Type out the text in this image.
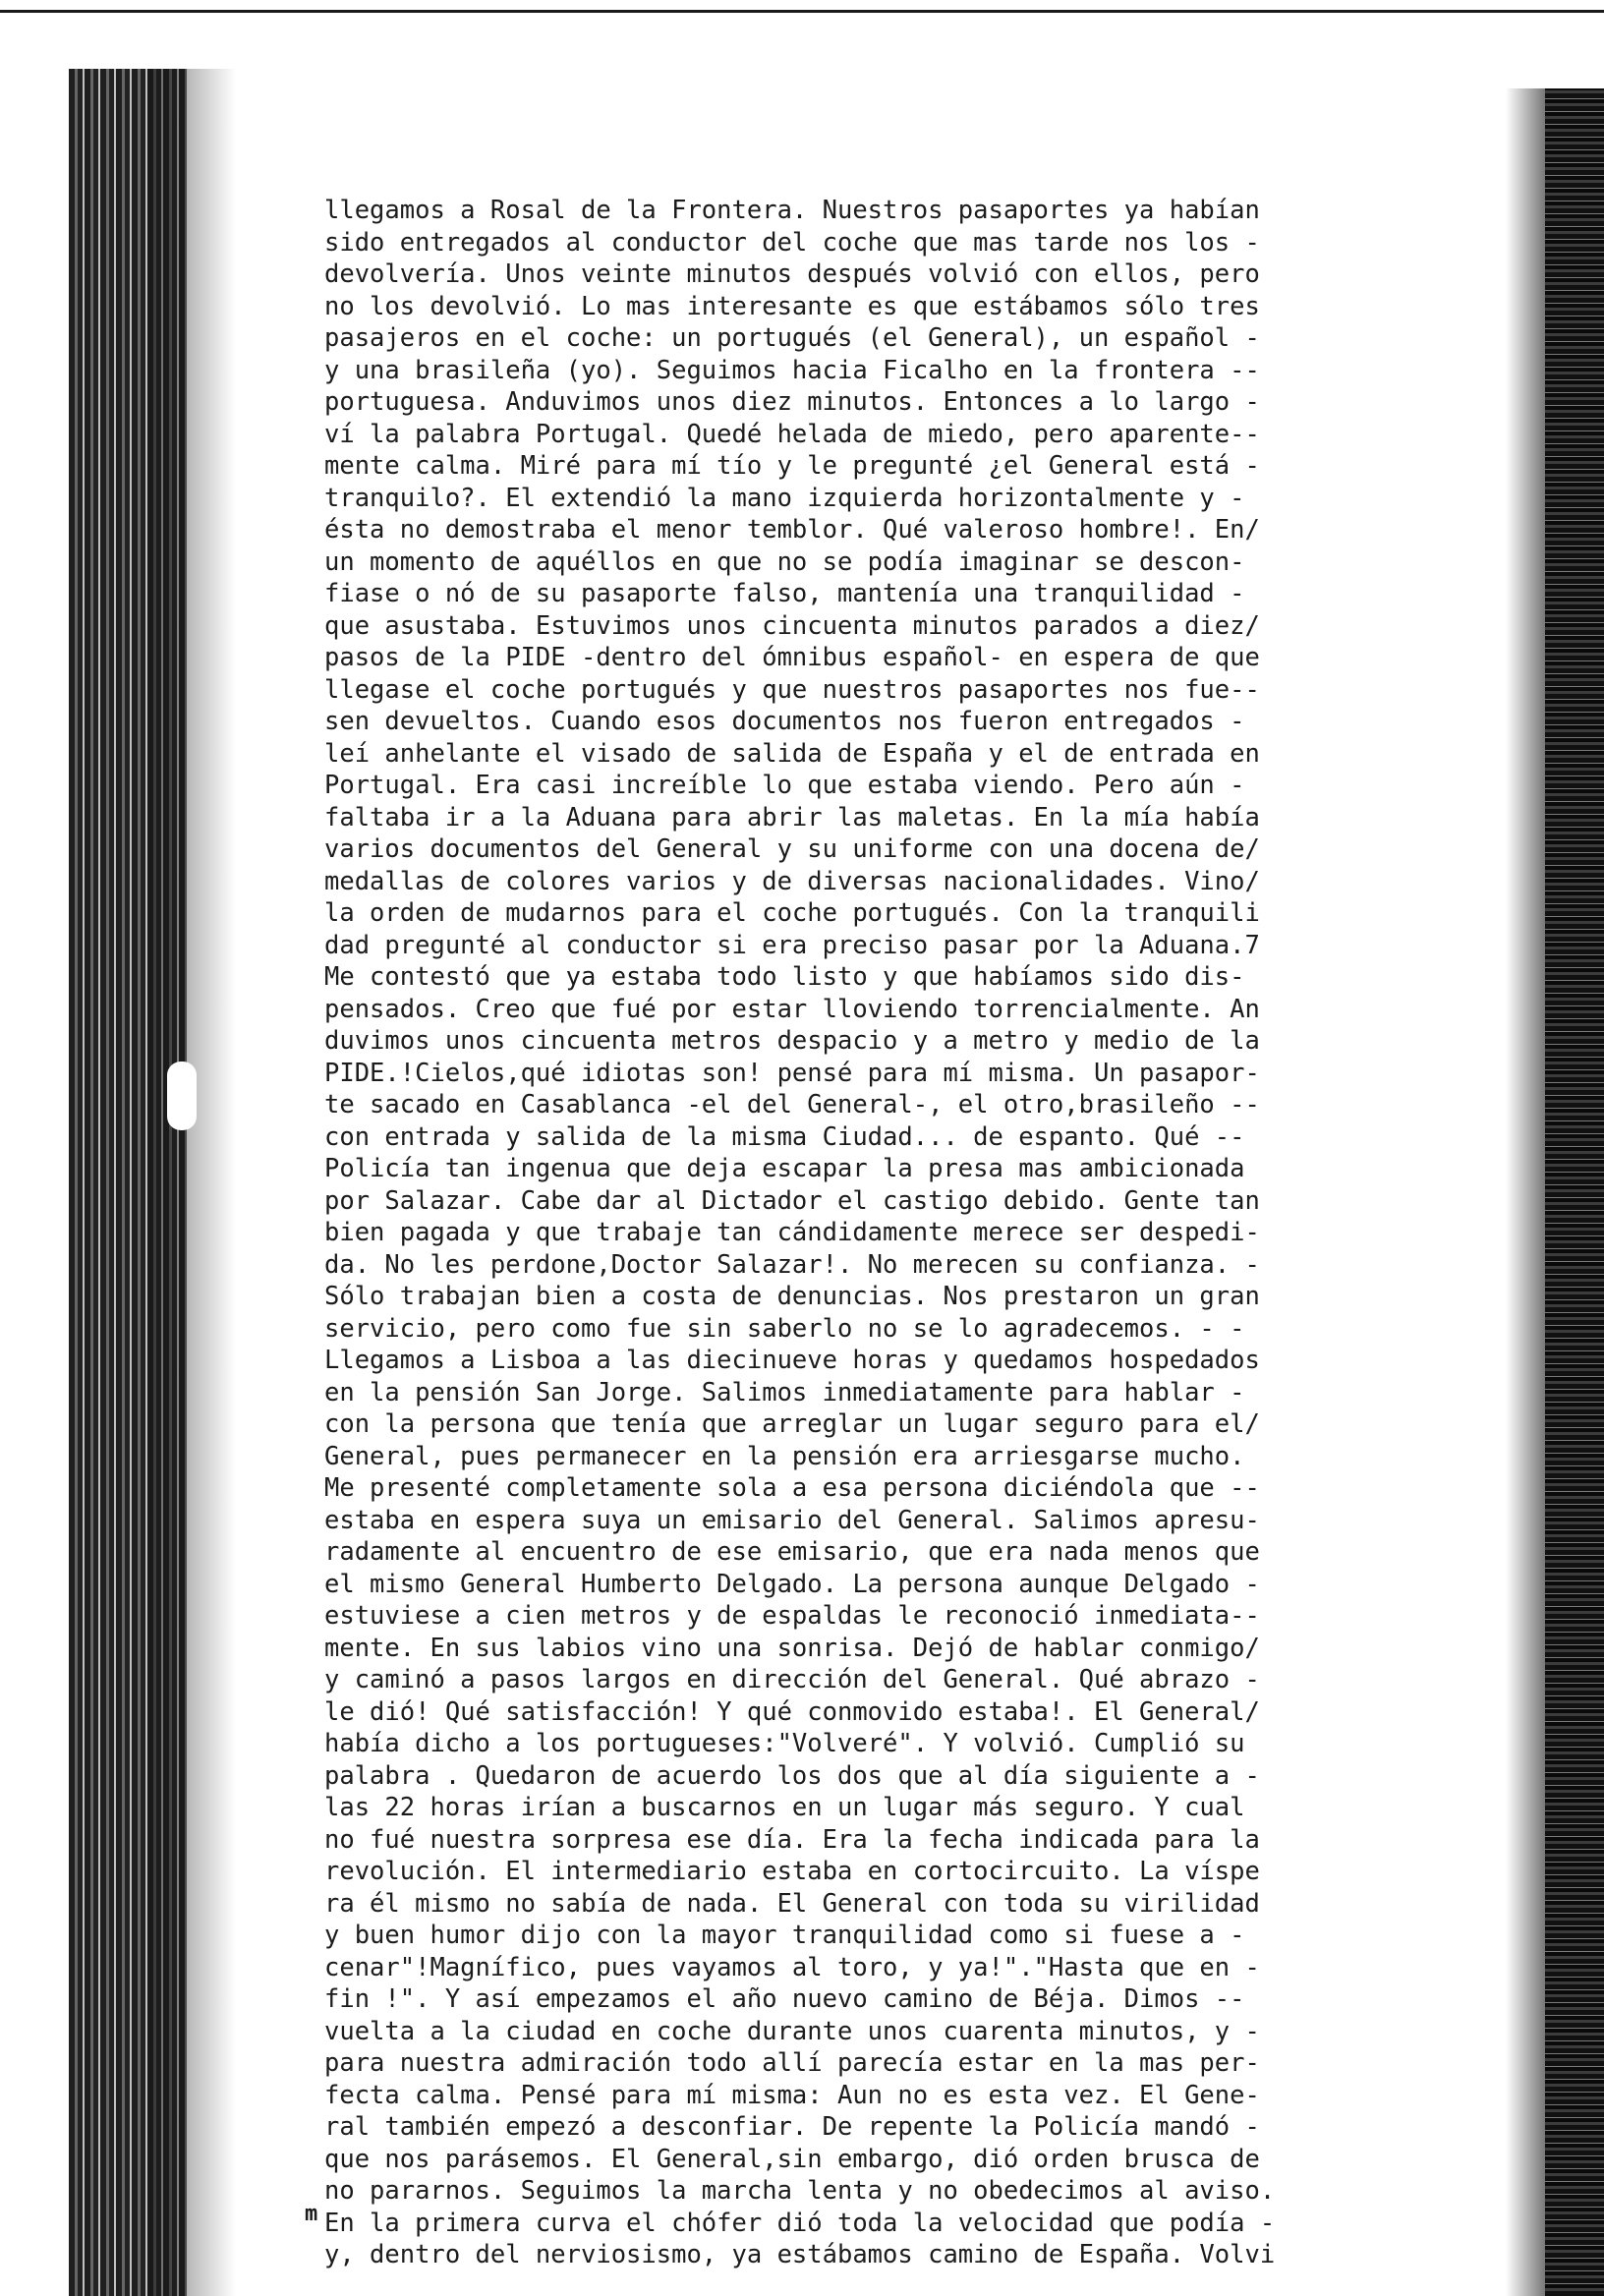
llegamos a Rosal de la Frontera. Nuestros pasaportes ya habían
sido entregados al conductor del coche que mas tarde nos los -
devolvería. Unos veinte minutos después volvió con ellos, pero
no los devolvió. Lo mas interesante es que estábamos sólo tres
pasajeros en el coche: un portugués (el General), un español -
y una brasileña (yo). Seguimos hacia Ficalho en la frontera --
portuguesa. Anduvimos unos diez minutos. Entonces a lo largo -
ví la palabra Portugal. Quedé helada de miedo, pero aparente--
mente calma. Miré para mí tío y le pregunté ¿el General está -
tranquilo?. El extendió la mano izquierda horizontalmente y -
ésta no demostraba el menor temblor. Qué valeroso hombre!. En/
un momento de aquéllos en que no se podía imaginar se descon-
fiase o nó de su pasaporte falso, mantenía una tranquilidad -
que asustaba. Estuvimos unos cincuenta minutos parados a diez/
pasos de la PIDE -dentro del ómnibus español- en espera de que
llegase el coche portugués y que nuestros pasaportes nos fue--
sen devueltos. Cuando esos documentos nos fueron entregados -
leí anhelante el visado de salida de España y el de entrada en
Portugal. Era casi increíble lo que estaba viendo. Pero aún -
faltaba ir a la Aduana para abrir las maletas. En la mía había
varios documentos del General y su uniforme con una docena de/
medallas de colores varios y de diversas nacionalidades. Vino/
la orden de mudarnos para el coche portugués. Con la tranquili
dad pregunté al conductor si era preciso pasar por la Aduana.7
Me contestó que ya estaba todo listo y que habíamos sido dis-
pensados. Creo que fué por estar lloviendo torrencialmente. An
duvimos unos cincuenta metros despacio y a metro y medio de la
PIDE.!Cielos,qué idiotas son! pensé para mí misma. Un pasapor-
te sacado en Casablanca -el del General-, el otro,brasileño --
con entrada y salida de la misma Ciudad... de espanto. Qué --
Policía tan ingenua que deja escapar la presa mas ambicionada
por Salazar. Cabe dar al Dictador el castigo debido. Gente tan
bien pagada y que trabaje tan cándidamente merece ser despedi-
da. No les perdone,Doctor Salazar!. No merecen su confianza. -
Sólo trabajan bien a costa de denuncias. Nos prestaron un gran
servicio, pero como fue sin saberlo no se lo agradecemos. - -
Llegamos a Lisboa a las diecinueve horas y quedamos hospedados
en la pensión San Jorge. Salimos inmediatamente para hablar -
con la persona que tenía que arreglar un lugar seguro para el/
General, pues permanecer en la pensión era arriesgarse mucho.
Me presenté completamente sola a esa persona diciéndola que --
estaba en espera suya un emisario del General. Salimos apresu-
radamente al encuentro de ese emisario, que era nada menos que
el mismo General Humberto Delgado. La persona aunque Delgado -
estuviese a cien metros y de espaldas le reconoció inmediata--
mente. En sus labios vino una sonrisa. Dejó de hablar conmigo/
y caminó a pasos largos en dirección del General. Qué abrazo -
le dió! Qué satisfacción! Y qué conmovido estaba!. El General/
había dicho a los portugueses:"Volveré". Y volvió. Cumplió su
palabra . Quedaron de acuerdo los dos que al día siguiente a -
las 22 horas irían a buscarnos en un lugar más seguro. Y cual
no fué nuestra sorpresa ese día. Era la fecha indicada para la
revolución. El intermediario estaba en cortocircuito. La víspe
ra él mismo no sabía de nada. El General con toda su virilidad
y buen humor dijo con la mayor tranquilidad como si fuese a -
cenar"!Magnífico, pues vayamos al toro, y ya!"."Hasta que en -
fin !". Y así empezamos el año nuevo camino de Béja. Dimos --
vuelta a la ciudad en coche durante unos cuarenta minutos, y -
para nuestra admiración todo allí parecía estar en la mas per-
fecta calma. Pensé para mí misma: Aun no es esta vez. El Gene-
ral también empezó a desconfiar. De repente la Policía mandó -
que nos parásemos. El General,sin embargo, dió orden brusca de
no pararnos. Seguimos la marcha lenta y no obedecimos al aviso.
En la primera curva el chófer dió toda la velocidad que podía -
y, dentro del nerviosismo, ya estábamos camino de España. Volvi
m
